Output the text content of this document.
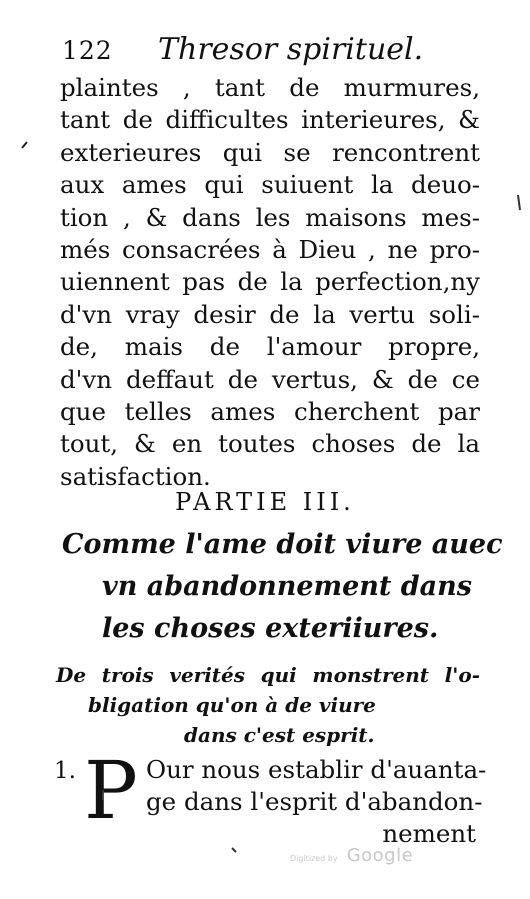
122 Thresor spirituel.
plaintes , tant de murmures,
tant de difficultes interieures, &
exterieures qui se rencontrent
aux ames qui suiuent la deuo-
tion , & dans les maisons mes-
més consacrées à Dieu , ne pro-
uiennent pas de la perfection,ny
d'vn vray desir de la vertu soli-
de, mais de l'amour propre,
d'vn deffaut de vertus, & de ce
que telles ames cherchent par
tout, & en toutes choses de la
satisfaction.
PARTIE III.
Comme l'ame doit viure auec
vn abandonnement dans
les choses exteriiures.
De trois verités qui monstrent l'o-
bligation qu'on à de viure
dans c'est esprit.
1. P Our nous establir d'auanta-
ge dans l'esprit d'abandon-
nement
Digitized by Google
